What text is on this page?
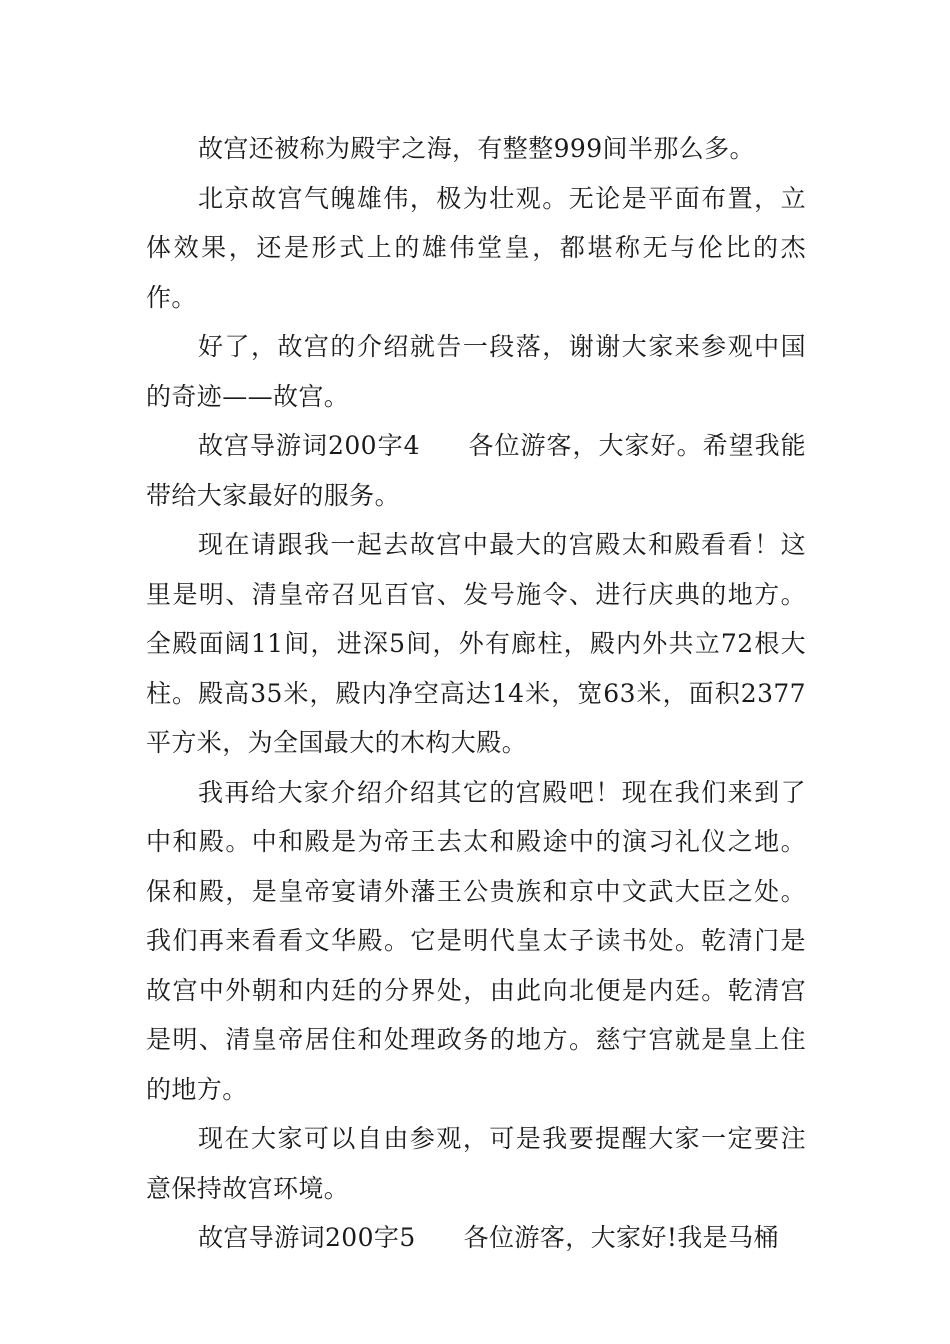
故宫还被称为殿宇之海，有整整999间半那么多。

北京故宫气魄雄伟，极为壮观。无论是平面布置，立体效果，还是形式上的雄伟堂皇，都堪称无与伦比的杰作。

好了，故宫的介绍就告一段落，谢谢大家来参观中国的奇迹——故宫。

故宫导游词200字4 各位游客，大家好。希望我能带给大家最好的服务。

现在请跟我一起去故宫中最大的宫殿太和殿看看！这里是明、清皇帝召见百官、发号施令、进行庆典的地方。全殿面阔11间，进深5间，外有廊柱，殿内外共立72根大柱。殿高35米，殿内净空高达14米，宽63米，面积2377平方米，为全国最大的木构大殿。

我再给大家介绍介绍其它的宫殿吧！现在我们来到了中和殿。中和殿是为帝王去太和殿途中的演习礼仪之地。保和殿，是皇帝宴请外藩王公贵族和京中文武大臣之处。我们再来看看文华殿。它是明代皇太子读书处。乾清门是故宫中外朝和内廷的分界处，由此向北便是内廷。乾清宫是明、清皇帝居住和处理政务的地方。慈宁宫就是皇上住的地方。

现在大家可以自由参观，可是我要提醒大家一定要注意保持故宫环境。

故宫导游词200字5 各位游客，大家好!我是马桶
